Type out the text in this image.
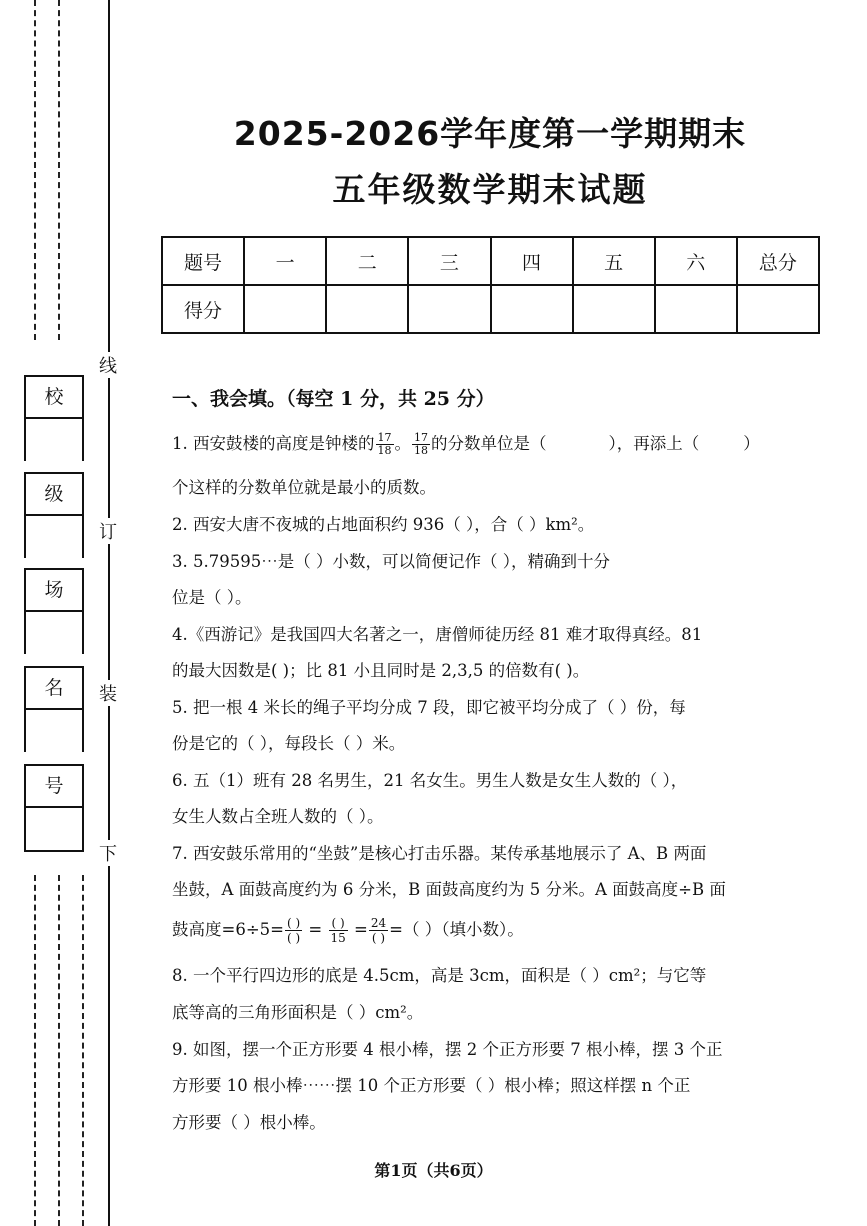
线
订
装
下
校
级
场
名
号
2025-2026学年度第一学期期末
五年级数学期末试题
题号	一	二	三	四	五	六	总分
得分							
一、我会填。（每空 1 分，共 25 分）
1. 西安鼓楼的高度是钟楼的 $\frac{17}{18}$ 。 $\frac{17}{18}$ 的分数单位是（	），再添上（	）
个这样的分数单位就是最小的质数。
2. 西安大唐不夜城的占地面积约 936（ ），合（ ）km²。
3. 5.79595⋯是（ ）小数，可以简便记作（ ），精确到十分
位是（ ）。
4.《西游记》是我国四大名著之一，唐僧师徒历经 81 难才取得真经。81
的最大因数是( )；比 81 小且同时是 2,3,5 的倍数有( )。
5. 把一根 4 米长的绳子平均分成 7 段，即它被平均分成了（ ）份，每
份是它的（ ），每段长（ ）米。
6. 五（1）班有 28 名男生，21 名女生。男生人数是女生人数的（ ），
女生人数占全班人数的（ ）。
7. 西安鼓乐常用的“坐鼓”是核心打击乐器。某传承基地展示了 A、B 两面
坐鼓，A 面鼓高度约为 6 分米，B 面鼓高度约为 5 分米。A 面鼓高度÷B 面
鼓高度$=6\div 5= \frac{( )}{( )} = \frac{( )}{15} = \frac{24}{( )}$ =（ ）（填小数）。
8. 一个平行四边形的底是 4.5cm，高是 3cm，面积是（ ）cm²；与它等
底等高的三角形面积是（ ）cm²。
9. 如图，摆一个正方形要 4 根小棒，摆 2 个正方形要 7 根小棒，摆 3 个正
方形要 10 根小棒⋯⋯摆 10 个正方形要（ ）根小棒；照这样摆 n 个正
方形要（ ）根小棒。
第1页（共6页）
